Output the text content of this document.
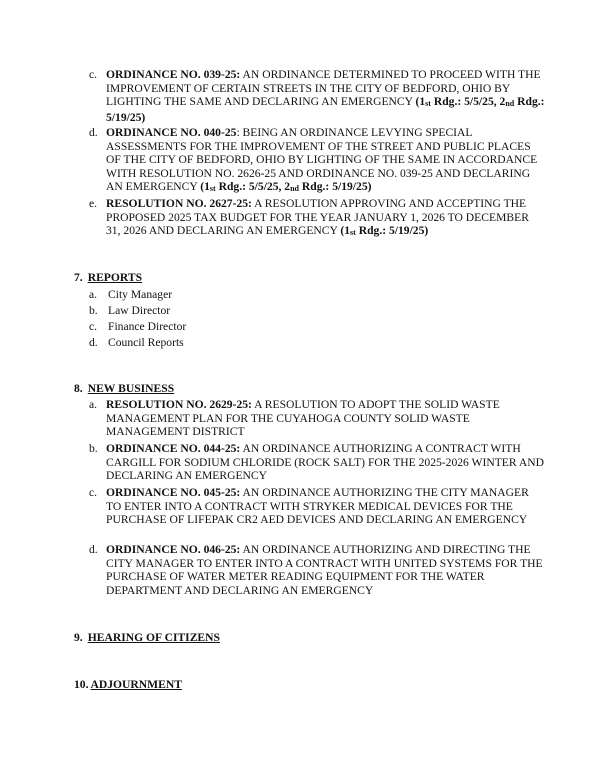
c. ORDINANCE NO. 039-25: AN ORDINANCE DETERMINED TO PROCEED WITH THE IMPROVEMENT OF CERTAIN STREETS IN THE CITY OF BEDFORD, OHIO BY LIGHTING THE SAME AND DECLARING AN EMERGENCY (1st Rdg.: 5/5/25, 2nd Rdg.: 5/19/25)
d. ORDINANCE NO. 040-25: BEING AN ORDINANCE LEVYING SPECIAL ASSESSMENTS FOR THE IMPROVEMENT OF THE STREET AND PUBLIC PLACES OF THE CITY OF BEDFORD, OHIO BY LIGHTING OF THE SAME IN ACCORDANCE WITH RESOLUTION NO. 2626-25 AND ORDINANCE NO. 039-25 AND DECLARING AN EMERGENCY (1st Rdg.: 5/5/25, 2nd Rdg.: 5/19/25)
e. RESOLUTION NO. 2627-25: A RESOLUTION APPROVING AND ACCEPTING THE PROPOSED 2025 TAX BUDGET FOR THE YEAR JANUARY 1, 2026 TO DECEMBER 31, 2026 AND DECLARING AN EMERGENCY (1st Rdg.: 5/19/25)
7. REPORTS
a. City Manager
b. Law Director
c. Finance Director
d. Council Reports
8. NEW BUSINESS
a. RESOLUTION NO. 2629-25: A RESOLUTION TO ADOPT THE SOLID WASTE MANAGEMENT PLAN FOR THE CUYAHOGA COUNTY SOLID WASTE MANAGEMENT DISTRICT
b. ORDINANCE NO. 044-25: AN ORDINANCE AUTHORIZING A CONTRACT WITH CARGILL FOR SODIUM CHLORIDE (ROCK SALT) FOR THE 2025-2026 WINTER AND DECLARING AN EMERGENCY
c. ORDINANCE NO. 045-25: AN ORDINANCE AUTHORIZING THE CITY MANAGER TO ENTER INTO A CONTRACT WITH STRYKER MEDICAL DEVICES FOR THE PURCHASE OF LIFEPAK CR2 AED DEVICES AND DECLARING AN EMERGENCY
d. ORDINANCE NO. 046-25: AN ORDINANCE AUTHORIZING AND DIRECTING THE CITY MANAGER TO ENTER INTO A CONTRACT WITH UNITED SYSTEMS FOR THE PURCHASE OF WATER METER READING EQUIPMENT FOR THE WATER DEPARTMENT AND DECLARING AN EMERGENCY
9. HEARING OF CITIZENS
10. ADJOURNMENT
